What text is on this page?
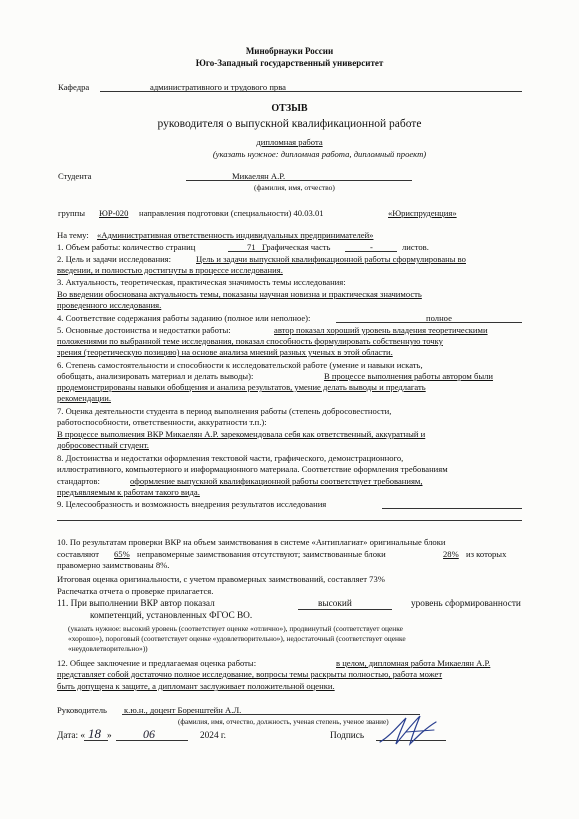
Минобрнауки России
Юго-Западный государственный университет
Кафедра	административного и трудового прва
ОТЗЫВ
руководителя о выпускной квалификационной работе
дипломная работа
(указать нужное: дипломная работа, дипломный проект)
Студента	Микаелян А.Р.
(фамилия, имя, отчество)
группы ЮР-020 направления подготовки (специальности) 40.03.01	«Юриспруденция»
На тему: «Административная ответственность индивидуальных предпринимателей»
1. Объем работы: количество страниц	71 Графическая часть	-	листов.
2. Цель и задачи исследования:	Цель и задачи выпускной квалификационной работы сформулированы во
введении, и полностью достигнуты в процессе исследования.
3. Актуальность, теоретическая, практическая значимость темы исследования:
Во введении обоснована актуальность темы, показаны научная новизна и практическая значимость
проведенного исследования.
4. Соответствие содержания работы заданию (полное или неполное):	полное
5. Основные достоинства и недостатки работы:	автор показал хороший уровень владения теоретическими
положениями по выбранной теме исследования, показал способность формулировать собственную точку
зрения (теоретическую позицию) на основе анализа мнений разных ученых в этой области.
6. Степень самостоятельности и способности к исследовательской работе (умение и навыки искать,
обобщать, анализировать материал и делать выводы):	В процессе выполнения работы автором были
продемонстрированы навыки обобщения и анализа результатов, умение делать выводы и предлагать
рекомендации.
7. Оценка деятельности студента в период выполнения работы (степень добросовестности,
работоспособности, ответственности, аккуратности т.п.):
В процессе выполнения ВКР Микаелян А.Р. зарекомендовала себя как ответственный, аккуратный и
добросовестный студент.
8. Достоинства и недостатки оформления текстовой части, графического, демонстрационного,
иллюстративного, компьютерного и информационного материала. Соответствие оформления требованиям
стандартов:	оформление выпускной квалификационной работы соответствует требованиям,
предъявляемым к работам такого вида.
9. Целесообразность и возможность внедрения результатов исследования
10. По результатам проверки ВКР на объем заимствования в системе «Антиплагиат» оригинальные блоки
составляют 65% неправомерные заимствования отсутствуют; заимствованные блоки	28% из которых
правомерно заимствованы 8%.
Итоговая оценка оригинальности, с учетом правомерных заимствований, составляет 73%
Распечатка отчета о проверке прилагается.
11. При выполнении ВКР автор показал	высокий	уровень сформированности
компетенций, установленных ФГОС ВО.
(указать нужное: высокий уровень (соответствует оценке «отлично»), продвинутый (соответствует оценке
«хорошо»), пороговый (соответствует оценке «удовлетворительно»), недостаточный (соответствует оценке
«неудовлетворительно»))
12. Общее заключение и предлагаемая оценка работы:	в целом, дипломная работа Микаелян А.Р.
представляет собой достаточно полное исследование, вопросы темы раскрыты полностью, работа может
быть допущена к защите, а дипломант заслуживает положительной оценки.
Руководитель к.ю.н., доцент Боренштейн А.Л.
(фамилия, имя, отчество, должность, ученая степень, ученое звание)
Дата: « 18 »	06	2024 г.	Подпись
